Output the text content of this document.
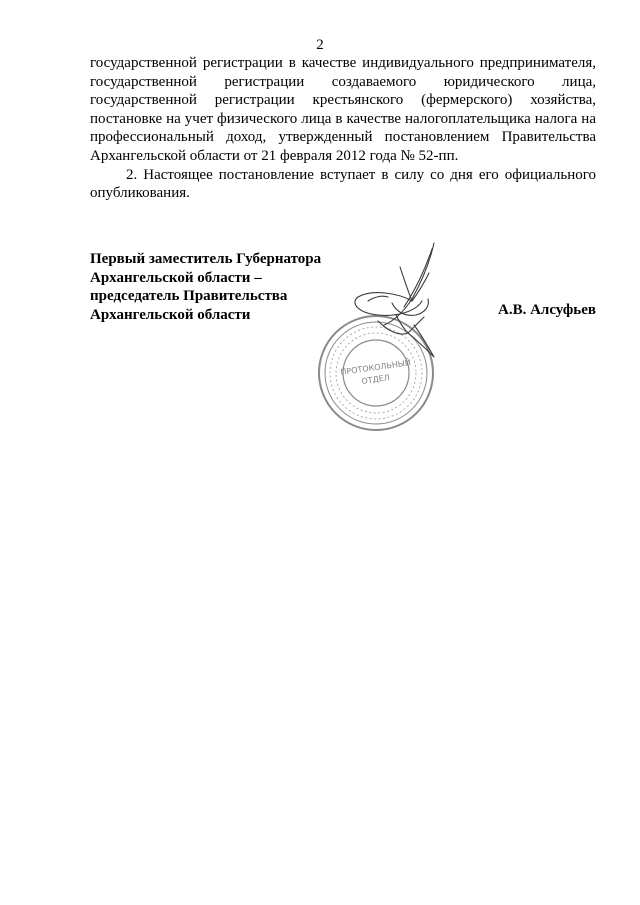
2

государственной регистрации в качестве индивидуального предпринимателя, государственной регистрации создаваемого юридического лица, государственной регистрации крестьянского (фермерского) хозяйства, постановке на учет физического лица в качестве налогоплательщика налога на профессиональный доход, утвержденный постановлением Правительства Архангельской области от 21 февраля 2012 года № 52-пп.

2. Настоящее постановление вступает в силу со дня его официального опубликования.

Первый заместитель Губернатора
Архангельской области –
председатель Правительства
Архангельской области	А.В. Алсуфьев
ПРОТОКОЛЬНЫЙ
ОТДЕЛ
